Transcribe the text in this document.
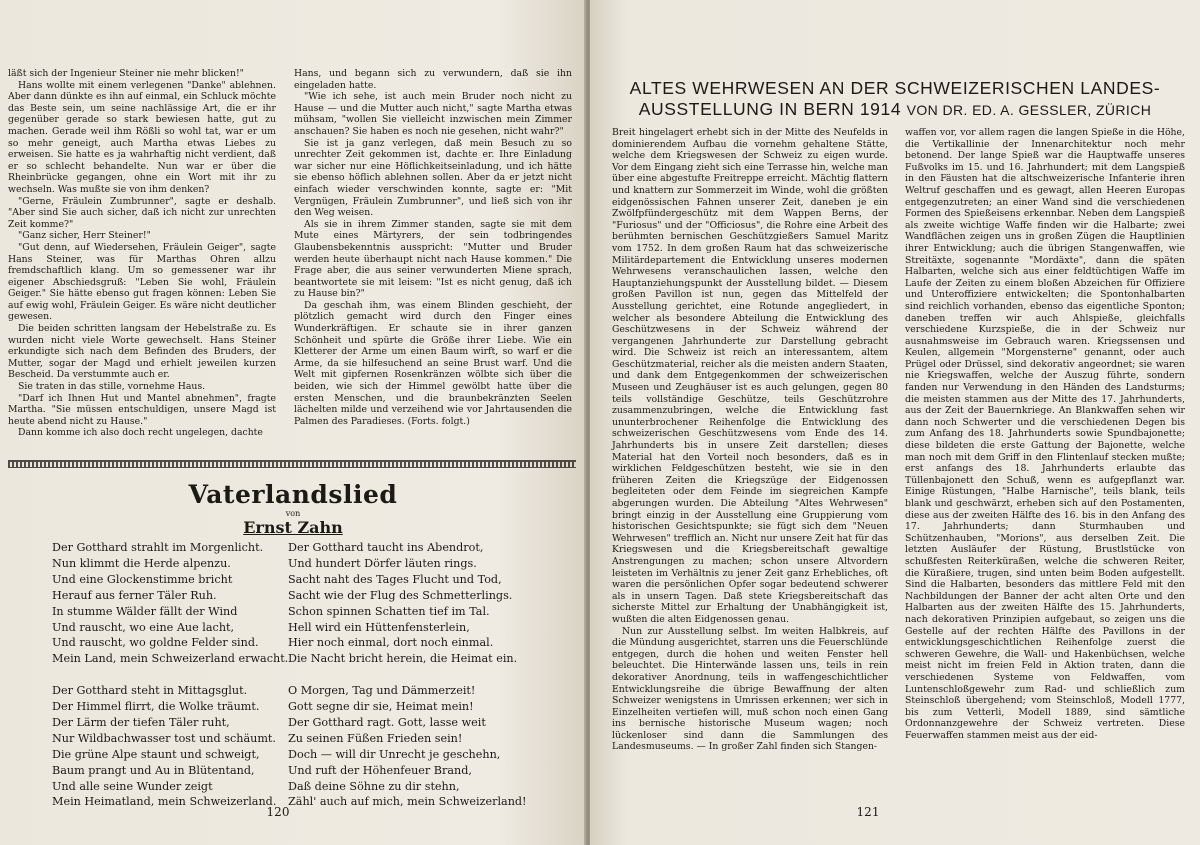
läßt sich der Ingenieur Steiner nie mehr blicken!"

Hans wollte mit einem verlegenen "Danke" ablehnen. Aber dann dünkte es ihn auf einmal, ein Schluck möchte das Beste sein, um seine nachlässige Art, die er ihr gegenüber gerade so stark bewiesen hatte, gut zu machen. Gerade weil ihm Rößli so wohl tat, war er um so mehr geneigt, auch Martha etwas Liebes zu erweisen. Sie hatte es ja wahrhaftig nicht verdient, daß er so schlecht behandelte. Nun war er über die Rheinbrücke gegangen, ohne ein Wort mit ihr zu wechseln. Was mußte sie von ihm denken?

"Gerne, Fräulein Zumbrunner", sagte er deshalb. "Aber sind Sie auch sicher, daß ich nicht zur unrechten Zeit komme?"

"Ganz sicher, Herr Steiner!"

"Gut denn, auf Wiedersehen, Fräulein Geiger", sagte Hans Steiner, was für Marthas Ohren allzu fremdschaftlich klang. Um so gemessener war ihr eigener Abschiedsgruß: "Leben Sie wohl, Fräulein Geiger." Sie hätte ebenso gut fragen können: Leben Sie auf ewig wohl, Fräulein Geiger. Es wäre nicht deutlicher gewesen.

Die beiden schritten langsam der Hebelstraße zu. Es wurden nicht viele Worte gewechselt. Hans Steiner erkundigte sich nach dem Befinden des Bruders, der Mutter, sogar der Magd und erhielt jeweilen kurzen Bescheid. Da verstummte auch er.

Sie traten in das stille, vornehme Haus.

"Darf ich Ihnen Hut und Mantel abnehmen", fragte Martha. "Sie müssen entschuldigen, unsere Magd ist heute abend nicht zu Hause."

Dann komme ich also doch recht ungelegen, dachte

Hans, und begann sich zu verwundern, daß sie ihn eingeladen hatte.

"Wie ich sehe, ist auch mein Bruder noch nicht zu Hause — und die Mutter auch nicht," sagte Martha etwas mühsam, "wollen Sie vielleicht inzwischen mein Zimmer anschauen? Sie haben es noch nie gesehen, nicht wahr?"

Sie ist ja ganz verlegen, daß mein Besuch zu so unrechter Zeit gekommen ist, dachte er. Ihre Einladung war sicher nur eine Höflichkeitseinladung, und ich hätte sie ebenso höflich ablehnen sollen. Aber da er jetzt nicht einfach wieder verschwinden konnte, sagte er: "Mit Vergnügen, Fräulein Zumbrunner", und ließ sich von ihr den Weg weisen.

Als sie in ihrem Zimmer standen, sagte sie mit dem Mute eines Märtyrers, der sein todbringendes Glaubensbekenntnis ausspricht: "Mutter und Bruder werden heute überhaupt nicht nach Hause kommen." Die Frage aber, die aus seiner verwunderten Miene sprach, beantwortete sie mit leisem: "Ist es nicht genug, daß ich zu Hause bin?"

Da geschah ihm, was einem Blinden geschieht, der plötzlich gemacht wird durch den Finger eines Wunderkräftigen. Er schaute sie in ihrer ganzen Schönheit und spürte die Größe ihrer Liebe. Wie ein Kletterer der Arme um einen Baum wirft, so warf er die Arme, da sie hilfesuchend an seine Brust warf. Und die Welt mit gipfernen Rosenkränzen wölbte sich über die beiden, wie sich der Himmel gewölbt hatte über die ersten Menschen, und die braunbekränzten Seelen lächelten milde und verzeihend wie vor Jahrtausenden die Palmen des Paradieses. (Forts. folgt.)

Vaterlandslied
von
Ernst Zahn
Der Gotthard strahlt im Morgenlicht.
Nun klimmt die Herde alpenzu.
Und eine Glockenstimme bricht
Herauf aus ferner Täler Ruh.
In stumme Wälder fällt der Wind
Und rauscht, wo eine Aue lacht,
Und rauscht, wo goldne Felder sind.
Mein Land, mein Schweizerland erwacht.
Der Gotthard steht in Mittagsglut.
Der Himmel flirrt, die Wolke träumt.
Der Lärm der tiefen Täler ruht,
Nur Wildbachwasser tost und schäumt.
Die grüne Alpe staunt und schweigt,
Baum prangt und Au in Blütentand,
Und alle seine Wunder zeigt
Mein Heimatland, mein Schweizerland.
Der Gotthard taucht ins Abendrot,
Und hundert Dörfer läuten rings.
Sacht naht des Tages Flucht und Tod,
Sacht wie der Flug des Schmetterlings.
Schon spinnen Schatten tief im Tal.
Hell wird ein Hüttenfensterlein,
Hier noch einmal, dort noch einmal.
Die Nacht bricht herein, die Heimat ein.
O Morgen, Tag und Dämmerzeit!
Gott segne dir sie, Heimat mein!
Der Gotthard ragt. Gott, lasse weit
Zu seinen Füßen Frieden sein!
Doch — will dir Unrecht je geschehn,
Und ruft der Höhenfeuer Brand,
Daß deine Söhne zu dir stehn,
Zähl' auch auf mich, mein Schweizerland!
120
ALTES WEHRWESEN AN DER SCHWEIZERISCHEN LANDES-
AUSSTELLUNG IN BERN 1914 VON DR. ED. A. GESSLER, ZÜRICH

Breit hingelagert erhebt sich in der Mitte des Neufelds in dominierendem Aufbau die vornehm gehaltene Stätte, welche dem Kriegswesen der Schweiz zu eigen wurde. Vor dem Eingang zieht sich eine Terrasse hin, welche man über eine abgestufte Freitreppe erreicht. Mächtig flattern und knattern zur Sommerzeit im Winde, wohl die größten eidgenössischen Fahnen unserer Zeit, daneben je ein Zwölfpfündergeschütz mit dem Wappen Berns, der "Furiosus" und der "Officiosus", die Rohre eine Arbeit des berühmten bernischen Geschützgießers Samuel Maritz vom 1752. In dem großen Raum hat das schweizerische Militärdepartement die Entwicklung unseres modernen Wehrwesens veranschaulichen lassen, welche den Hauptanziehungspunkt der Ausstellung bildet. — Diesem großen Pavillon ist nun, gegen das Mittelfeld der Ausstellung gerichtet, eine Rotunde angegliedert, in welcher als besondere Abteilung die Entwicklung des Geschützwesens in der Schweiz während der vergangenen Jahrhunderte zur Darstellung gebracht wird. Die Schweiz ist reich an interessantem, altem Geschützmaterial, reicher als die meisten andern Staaten, und dank dem Entgegenkommen der schweizerischen Museen und Zeughäuser ist es auch gelungen, gegen 80 teils vollständige Geschütze, teils Geschützrohre zusammenzubringen, welche die Entwicklung fast ununterbrochener Reihenfolge die Entwicklung des schweizerischen Geschützwesens vom Ende des 14. Jahrhunderts bis in unsere Zeit darstellen; dieses Material hat den Vorteil noch besonders, daß es in wirklichen Feldgeschützen besteht, wie sie in den früheren Zeiten die Kriegszüge der Eidgenossen begleiteten oder dem Feinde im siegreichen Kampfe abgerungen wurden. Die Abteilung "Altes Wehrwesen" bringt einzig in der Ausstellung eine Gruppierung vom historischen Gesichtspunkte; sie fügt sich dem "Neuen Wehrwesen" trefflich an. Nicht nur unsere Zeit hat für das Kriegswesen und die Kriegsbereitschaft gewaltige Anstrengungen zu machen; schon unsere Altvordern leisteten im Verhältnis zu jener Zeit ganz Erhebliches, oft waren die persönlichen Opfer sogar bedeutend schwerer als in unsern Tagen. Daß stete Kriegsbereitschaft das sicherste Mittel zur Erhaltung der Unabhängigkeit ist, wußten die alten Eidgenossen genau.

Nun zur Ausstellung selbst. Im weiten Halbkreis, auf die Mündung ausgerichtet, starren uns die Feuerschlünde entgegen, durch die hohen und weiten Fenster hell beleuchtet. Die Hinterwände lassen uns, teils in rein dekorativer Anordnung, teils in waffengeschichtlicher Entwicklungsreihe die übrige Bewaffnung der alten Schweizer wenigstens in Umrissen erkennen; wer sich in Einzelheiten vertiefen will, muß schon noch einen Gang ins bernische historische Museum wagen; noch lückenloser sind dann die Sammlungen des Landesmuseums. — In großer Zahl finden sich Stangen-

waffen vor, vor allem ragen die langen Spieße in die Höhe, die Vertikallinie der Innenarchitektur noch mehr betonend. Der lange Spieß war die Hauptwaffe unseres Fußvolks im 15. und 16. Jahrhundert; mit dem Langspieß in den Fäusten hat die altschweizerische Infanterie ihren Weltruf geschaffen und es gewagt, allen Heeren Europas entgegenzutreten; an einer Wand sind die verschiedenen Formen des Spießeisens erkennbar. Neben dem Langspieß als zweite wichtige Waffe finden wir die Halbarte; zwei Wandflächen zeigen uns in großen Zügen die Hauptlinien ihrer Entwicklung; auch die übrigen Stangenwaffen, wie Streitäxte, sogenannte "Mordäxte", dann die späten Halbarten, welche sich aus einer feldtüchtigen Waffe im Laufe der Zeiten zu einem bloßen Abzeichen für Offiziere und Unteroffiziere entwickelten; die Spontonhalbarten sind reichlich vorhanden, ebenso das eigentliche Sponton; daneben treffen wir auch Ahlspieße, gleichfalls verschiedene Kurzspieße, die in der Schweiz nur ausnahmsweise im Gebrauch waren. Kriegssensen und Keulen, allgemein "Morgensterne" genannt, oder auch Prügel oder Drüssel, sind dekorativ angeordnet; sie waren nie Kriegswaffen, welche der Auszug führte, sondern fanden nur Verwendung in den Händen des Landsturms; die meisten stammen aus der Mitte des 17. Jahrhunderts, aus der Zeit der Bauernkriege. An Blankwaffen sehen wir dann noch Schwerter und die verschiedenen Degen bis zum Anfang des 18. Jahrhunderts sowie Spundbajonette; diese bildeten die erste Gattung der Bajonette, welche man noch mit dem Griff in den Flintenlauf stecken mußte; erst anfangs des 18. Jahrhunderts erlaubte das Tüllenbajonett den Schuß, wenn es aufgepflanzt war. Einige Rüstungen, "Halbe Harnische", teils blank, teils blank und geschwärzt, erheben sich auf den Postamenten, diese aus der zweiten Hälfte des 16. bis in den Anfang des 17. Jahrhunderts; dann Sturmhauben und Schützenhauben, "Morions", aus derselben Zeit. Die letzten Ausläufer der Rüstung, Brustlstücke von schußfesten Reiterküraßen, welche die schweren Reiter, die Küraßiere, trugen, sind unten beim Boden aufgestellt. Sind die Halbarten, besonders das mittlere Feld mit den Nachbildungen der Banner der acht alten Orte und den Halbarten aus der zweiten Hälfte des 15. Jahrhunderts, nach dekorativen Prinzipien aufgebaut, so zeigen uns die Gestelle auf der rechten Hälfte des Pavillons in der entwicklungsgeschichtlichen Reihenfolge zuerst die schweren Gewehre, die Wall- und Hakenbüchsen, welche meist nicht im freien Feld in Aktion traten, dann die verschiedenen Systeme von Feldwaffen, vom Luntenschloßgewehr zum Rad- und schließlich zum Steinschloß übergehend; vom Steinschloß, Modell 1777, bis zum Vetterli, Modell 1889, sind sämtliche Ordonnanzgewehre der Schweiz vertreten. Diese Feuerwaffen stammen meist aus der eid-

121
